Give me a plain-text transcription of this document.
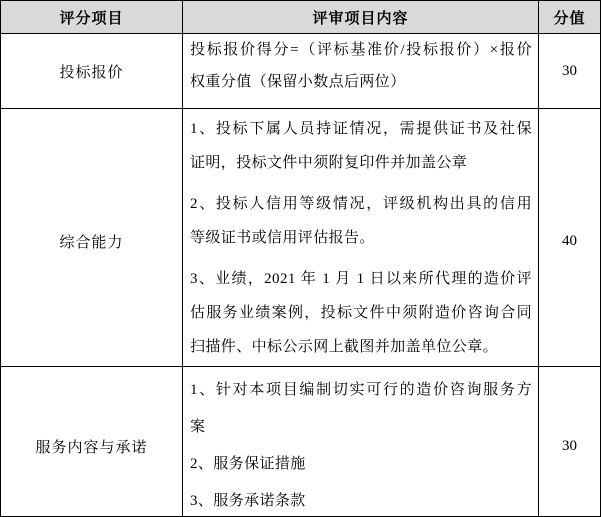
评分项目	评审项目内容	分值
投标报价
投标报价得分=（评标基准价/投标报价）×报价
权重分值（保留小数点后两位）
30
综合能力
1、投标下属人员持证情况，需提供证书及社保
证明，投标文件中须附复印件并加盖公章
2、投标人信用等级情况，评级机构出具的信用
等级证书或信用评估报告。
3、业绩，2021 年 1 月 1 日以来所代理的造价评
估服务业绩案例，投标文件中须附造价咨询合同
扫描件、中标公示网上截图并加盖单位公章。
40
服务内容与承诺
1、针对本项目编制切实可行的造价咨询服务方
案
2、服务保证措施
3、服务承诺条款
30
